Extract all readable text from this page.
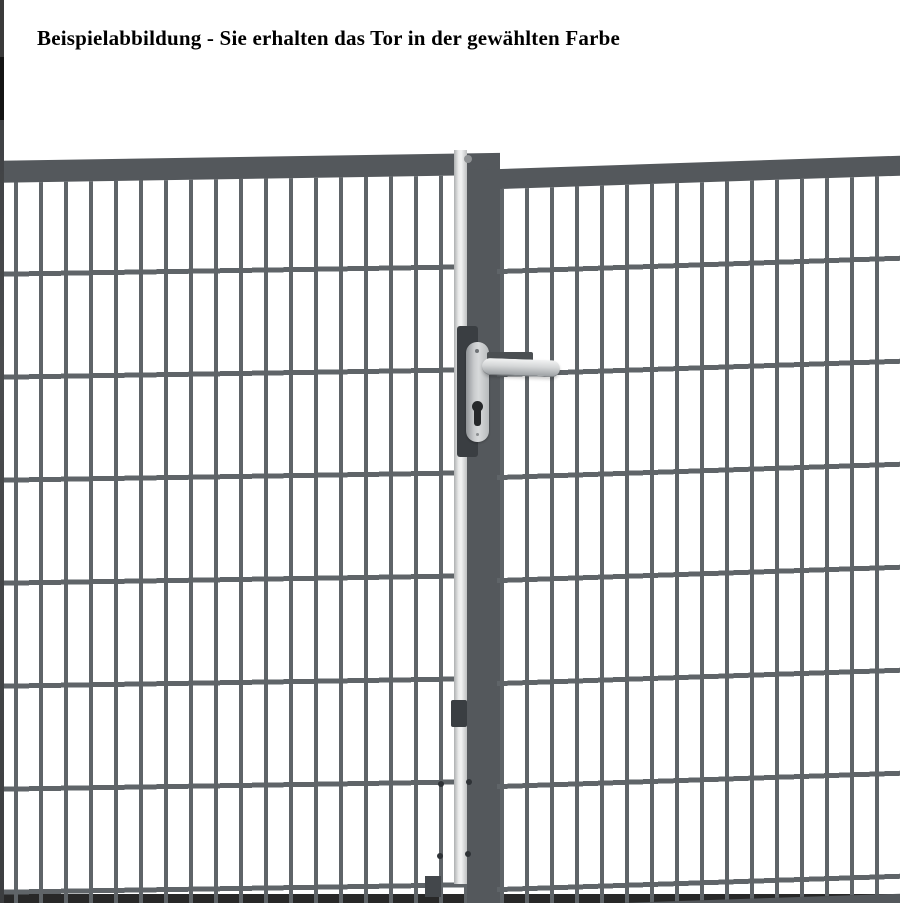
Beispielabbildung - Sie erhalten das Tor in der gewählten Farbe
